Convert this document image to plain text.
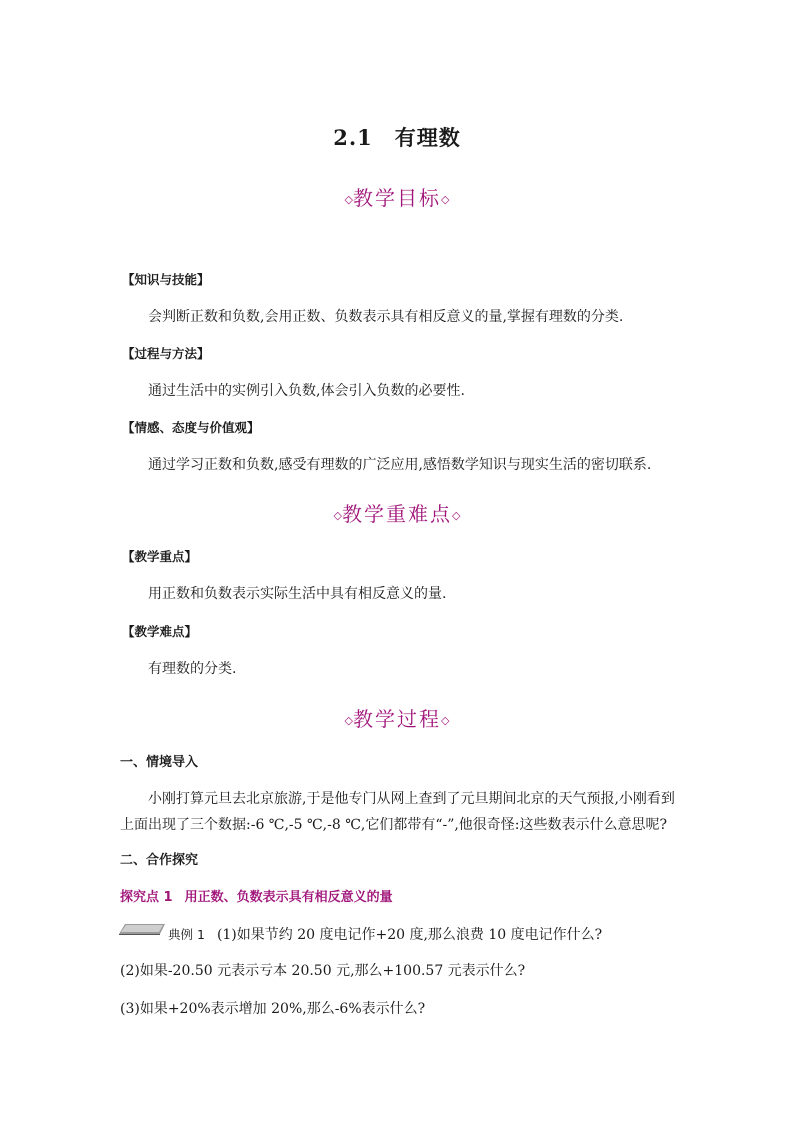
2.1 有理数
◇教学目标◇
【知识与技能】
会判断正数和负数,会用正数、负数表示具有相反意义的量,掌握有理数的分类.
【过程与方法】
通过生活中的实例引入负数,体会引入负数的必要性.
【情感、态度与价值观】
通过学习正数和负数,感受有理数的广泛应用,感悟数学知识与现实生活的密切联系.
◇教学重难点◇
【教学重点】
用正数和负数表示实际生活中具有相反意义的量.
【教学难点】
有理数的分类.
◇教学过程◇
一、情境导入
小刚打算元旦去北京旅游,于是他专门从网上查到了元旦期间北京的天气预报,小刚看到
上面出现了三个数据:-6 ℃,-5 ℃,-8 ℃,它们都带有“-”,他很奇怪:这些数表示什么意思呢?
二、合作探究
探究点 1 用正数、负数表示具有相反意义的量
典例 1 (1)如果节约 20 度电记作+20 度,那么浪费 10 度电记作什么?
(2)如果-20.50 元表示亏本 20.50 元,那么+100.57 元表示什么?
(3)如果+20%表示增加 20%,那么-6%表示什么?
